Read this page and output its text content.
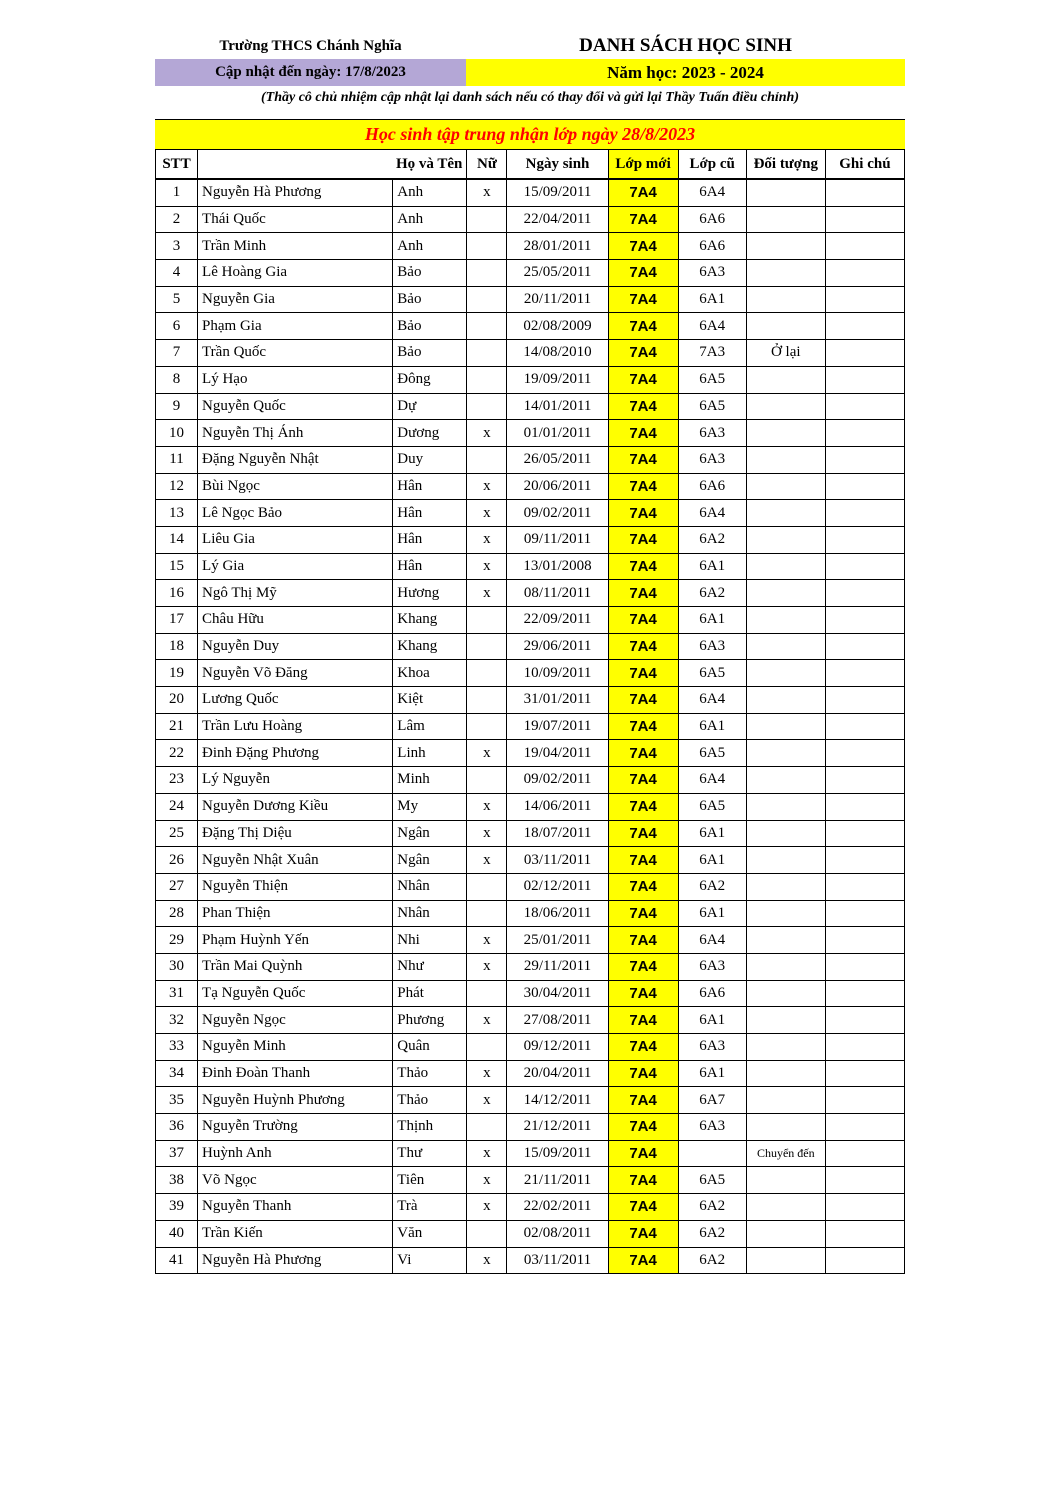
Trường THCS Chánh Nghĩa	DANH SÁCH HỌC SINH
Cập nhật đến ngày: 17/8/2023	Năm học: 2023 - 2024
(Thầy cô chủ nhiệm cập nhật lại danh sách nếu có thay đổi và gửi lại Thầy Tuấn điều chỉnh)
Học sinh tập trung nhận lớp ngày 28/8/2023
STT	Họ và Tên		Nữ	Ngày sinh	Lớp mới	Lớp cũ	Đối tượng	Ghi chú
1	Nguyễn Hà Phương	Anh	x	15/09/2011	7A4	6A4		
2	Thái Quốc	Anh		22/04/2011	7A4	6A6		
3	Trần Minh	Anh		28/01/2011	7A4	6A6		
4	Lê Hoàng Gia	Bảo		25/05/2011	7A4	6A3		
5	Nguyễn Gia	Bảo		20/11/2011	7A4	6A1		
6	Phạm Gia	Bảo		02/08/2009	7A4	6A4		
7	Trần Quốc	Bảo		14/08/2010	7A4	7A3	Ở lại	
8	Lý Hạo	Đông		19/09/2011	7A4	6A5		
9	Nguyễn Quốc	Dự		14/01/2011	7A4	6A5		
10	Nguyễn Thị Ánh	Dương	x	01/01/2011	7A4	6A3		
11	Đặng Nguyễn Nhật	Duy		26/05/2011	7A4	6A3		
12	Bùi Ngọc	Hân	x	20/06/2011	7A4	6A6		
13	Lê Ngọc Bảo	Hân	x	09/02/2011	7A4	6A4		
14	Liêu Gia	Hân	x	09/11/2011	7A4	6A2		
15	Lý Gia	Hân	x	13/01/2008	7A4	6A1		
16	Ngô Thị Mỹ	Hương	x	08/11/2011	7A4	6A2		
17	Châu Hữu	Khang		22/09/2011	7A4	6A1		
18	Nguyễn Duy	Khang		29/06/2011	7A4	6A3		
19	Nguyễn Võ Đăng	Khoa		10/09/2011	7A4	6A5		
20	Lương Quốc	Kiệt		31/01/2011	7A4	6A4		
21	Trần Lưu Hoàng	Lâm		19/07/2011	7A4	6A1		
22	Đinh Đặng Phương	Linh	x	19/04/2011	7A4	6A5		
23	Lý Nguyễn	Minh		09/02/2011	7A4	6A4		
24	Nguyễn Dương Kiều	My	x	14/06/2011	7A4	6A5		
25	Đặng Thị Diệu	Ngân	x	18/07/2011	7A4	6A1		
26	Nguyễn Nhật Xuân	Ngân	x	03/11/2011	7A4	6A1		
27	Nguyễn Thiện	Nhân		02/12/2011	7A4	6A2		
28	Phan Thiện	Nhân		18/06/2011	7A4	6A1		
29	Phạm Huỳnh Yến	Nhi	x	25/01/2011	7A4	6A4		
30	Trần Mai Quỳnh	Như	x	29/11/2011	7A4	6A3		
31	Tạ Nguyễn Quốc	Phát		30/04/2011	7A4	6A6		
32	Nguyễn Ngọc	Phương	x	27/08/2011	7A4	6A1		
33	Nguyễn Minh	Quân		09/12/2011	7A4	6A3		
34	Đinh Đoàn Thanh	Thảo	x	20/04/2011	7A4	6A1		
35	Nguyễn Huỳnh Phương	Thảo	x	14/12/2011	7A4	6A7		
36	Nguyễn Trường	Thịnh		21/12/2011	7A4	6A3		
37	Huỳnh Anh	Thư	x	15/09/2011	7A4		Chuyển đến	
38	Võ Ngọc	Tiên	x	21/11/2011	7A4	6A5		
39	Nguyễn Thanh	Trà	x	22/02/2011	7A4	6A2		
40	Trần Kiến	Văn		02/08/2011	7A4	6A2		
41	Nguyễn Hà Phương	Vi	x	03/11/2011	7A4	6A2		
